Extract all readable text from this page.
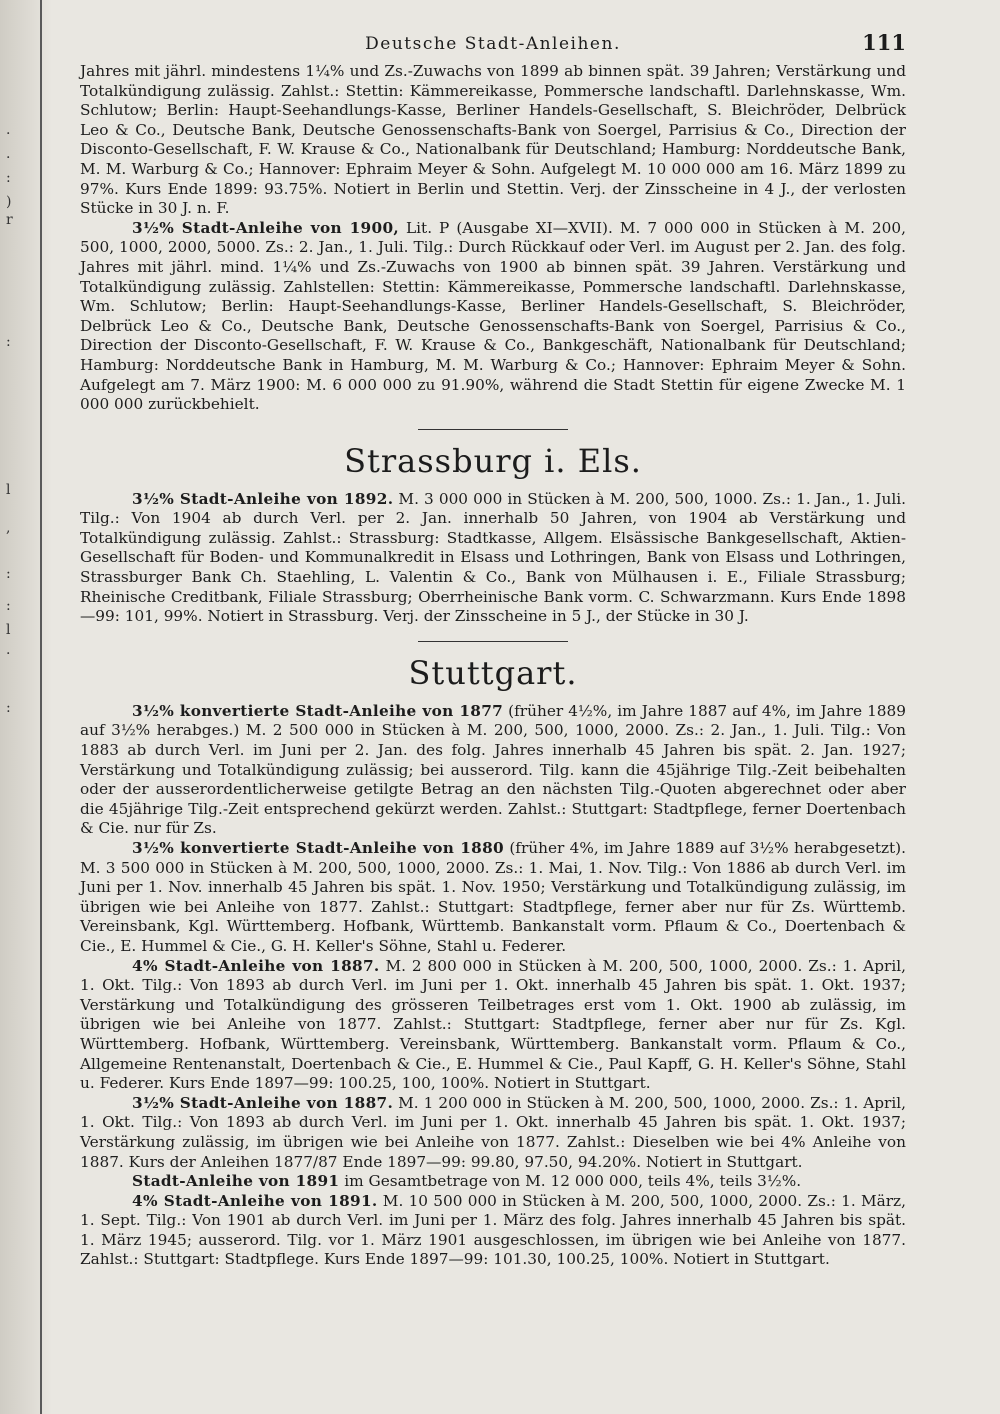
.
.
:
)
r
:
l
,
:
:
l
.
:
Deutsche Stadt-Anleihen.	111

Jahres mit jährl. mindestens 1¼% und Zs.-Zuwachs von 1899 ab binnen spät. 39 Jahren; Verstärkung und Totalkündigung zulässig. Zahlst.: Stettin: Kämmereikasse, Pommersche landschaftl. Darlehnskasse, Wm. Schlutow; Berlin: Haupt-Seehandlungs-Kasse, Berliner Handels-Gesellschaft, S. Bleichröder, Delbrück Leo & Co., Deutsche Bank, Deutsche Genossenschafts-Bank von Soergel, Parrisius & Co., Direction der Disconto-Gesellschaft, F. W. Krause & Co., Nationalbank für Deutschland; Hamburg: Norddeutsche Bank, M. M. Warburg & Co.; Hannover: Ephraim Meyer & Sohn. Aufgelegt M. 10 000 000 am 16. März 1899 zu 97%. Kurs Ende 1899: 93.75%. Notiert in Berlin und Stettin. Verj. der Zinsscheine in 4 J., der verlosten Stücke in 30 J. n. F.

3½% Stadt-Anleihe von 1900, Lit. P (Ausgabe XI—XVII). M. 7 000 000 in Stücken à M. 200, 500, 1000, 2000, 5000. Zs.: 2. Jan., 1. Juli. Tilg.: Durch Rückkauf oder Verl. im August per 2. Jan. des folg. Jahres mit jährl. mind. 1¼% und Zs.-Zuwachs von 1900 ab binnen spät. 39 Jahren. Verstärkung und Totalkündigung zulässig. Zahlstellen: Stettin: Kämmereikasse, Pommersche landschaftl. Darlehnskasse, Wm. Schlutow; Berlin: Haupt-Seehandlungs-Kasse, Berliner Handels-Gesellschaft, S. Bleichröder, Delbrück Leo & Co., Deutsche Bank, Deutsche Genossenschafts-Bank von Soergel, Parrisius & Co., Direction der Disconto-Gesellschaft, F. W. Krause & Co., Bankgeschäft, Nationalbank für Deutschland; Hamburg: Norddeutsche Bank in Hamburg, M. M. Warburg & Co.; Hannover: Ephraim Meyer & Sohn. Aufgelegt am 7. März 1900: M. 6 000 000 zu 91.90%, während die Stadt Stettin für eigene Zwecke M. 1 000 000 zurückbehielt.

Strassburg i. Els.

3½% Stadt-Anleihe von 1892. M. 3 000 000 in Stücken à M. 200, 500, 1000. Zs.: 1. Jan., 1. Juli. Tilg.: Von 1904 ab durch Verl. per 2. Jan. innerhalb 50 Jahren, von 1904 ab Verstärkung und Totalkündigung zulässig. Zahlst.: Strassburg: Stadtkasse, Allgem. Elsässische Bankgesellschaft, Aktien-Gesellschaft für Boden- und Kommunalkredit in Elsass und Lothringen, Bank von Elsass und Lothringen, Strassburger Bank Ch. Staehling, L. Valentin & Co., Bank von Mülhausen i. E., Filiale Strassburg; Rheinische Creditbank, Filiale Strassburg; Oberrheinische Bank vorm. C. Schwarzmann. Kurs Ende 1898—99: 101, 99%. Notiert in Strassburg. Verj. der Zinsscheine in 5 J., der Stücke in 30 J.

Stuttgart.

3½% konvertierte Stadt-Anleihe von 1877 (früher 4½%, im Jahre 1887 auf 4%, im Jahre 1889 auf 3½% herabges.) M. 2 500 000 in Stücken à M. 200, 500, 1000, 2000. Zs.: 2. Jan., 1. Juli. Tilg.: Von 1883 ab durch Verl. im Juni per 2. Jan. des folg. Jahres innerhalb 45 Jahren bis spät. 2. Jan. 1927; Verstärkung und Totalkündigung zulässig; bei ausserord. Tilg. kann die 45jährige Tilg.-Zeit beibehalten oder der ausserordentlicherweise getilgte Betrag an den nächsten Tilg.-Quoten abgerechnet oder aber die 45jährige Tilg.-Zeit entsprechend gekürzt werden. Zahlst.: Stuttgart: Stadtpflege, ferner Doertenbach & Cie. nur für Zs.

3½% konvertierte Stadt-Anleihe von 1880 (früher 4%, im Jahre 1889 auf 3½% herabgesetzt). M. 3 500 000 in Stücken à M. 200, 500, 1000, 2000. Zs.: 1. Mai, 1. Nov. Tilg.: Von 1886 ab durch Verl. im Juni per 1. Nov. innerhalb 45 Jahren bis spät. 1. Nov. 1950; Verstärkung und Totalkündigung zulässig, im übrigen wie bei Anleihe von 1877. Zahlst.: Stuttgart: Stadtpflege, ferner aber nur für Zs. Württemb. Vereinsbank, Kgl. Württemberg. Hofbank, Württemb. Bankanstalt vorm. Pflaum & Co., Doertenbach & Cie., E. Hummel & Cie., G. H. Keller's Söhne, Stahl u. Federer.

4% Stadt-Anleihe von 1887. M. 2 800 000 in Stücken à M. 200, 500, 1000, 2000. Zs.: 1. April, 1. Okt. Tilg.: Von 1893 ab durch Verl. im Juni per 1. Okt. innerhalb 45 Jahren bis spät. 1. Okt. 1937; Verstärkung und Totalkündigung des grösseren Teilbetrages erst vom 1. Okt. 1900 ab zulässig, im übrigen wie bei Anleihe von 1877. Zahlst.: Stuttgart: Stadtpflege, ferner aber nur für Zs. Kgl. Württemberg. Hofbank, Württemberg. Vereinsbank, Württemberg. Bankanstalt vorm. Pflaum & Co., Allgemeine Rentenanstalt, Doertenbach & Cie., E. Hummel & Cie., Paul Kapff, G. H. Keller's Söhne, Stahl u. Federer. Kurs Ende 1897—99: 100.25, 100, 100%. Notiert in Stuttgart.

3½% Stadt-Anleihe von 1887. M. 1 200 000 in Stücken à M. 200, 500, 1000, 2000. Zs.: 1. April, 1. Okt. Tilg.: Von 1893 ab durch Verl. im Juni per 1. Okt. innerhalb 45 Jahren bis spät. 1. Okt. 1937; Verstärkung zulässig, im übrigen wie bei Anleihe von 1877. Zahlst.: Dieselben wie bei 4% Anleihe von 1887. Kurs der Anleihen 1877/87 Ende 1897—99: 99.80, 97.50, 94.20%. Notiert in Stuttgart.

Stadt-Anleihe von 1891 im Gesamtbetrage von M. 12 000 000, teils 4%, teils 3½%.

4% Stadt-Anleihe von 1891. M. 10 500 000 in Stücken à M. 200, 500, 1000, 2000. Zs.: 1. März, 1. Sept. Tilg.: Von 1901 ab durch Verl. im Juni per 1. März des folg. Jahres innerhalb 45 Jahren bis spät. 1. März 1945; ausserord. Tilg. vor 1. März 1901 ausgeschlossen, im übrigen wie bei Anleihe von 1877. Zahlst.: Stuttgart: Stadtpflege. Kurs Ende 1897—99: 101.30, 100.25, 100%. Notiert in Stuttgart.
